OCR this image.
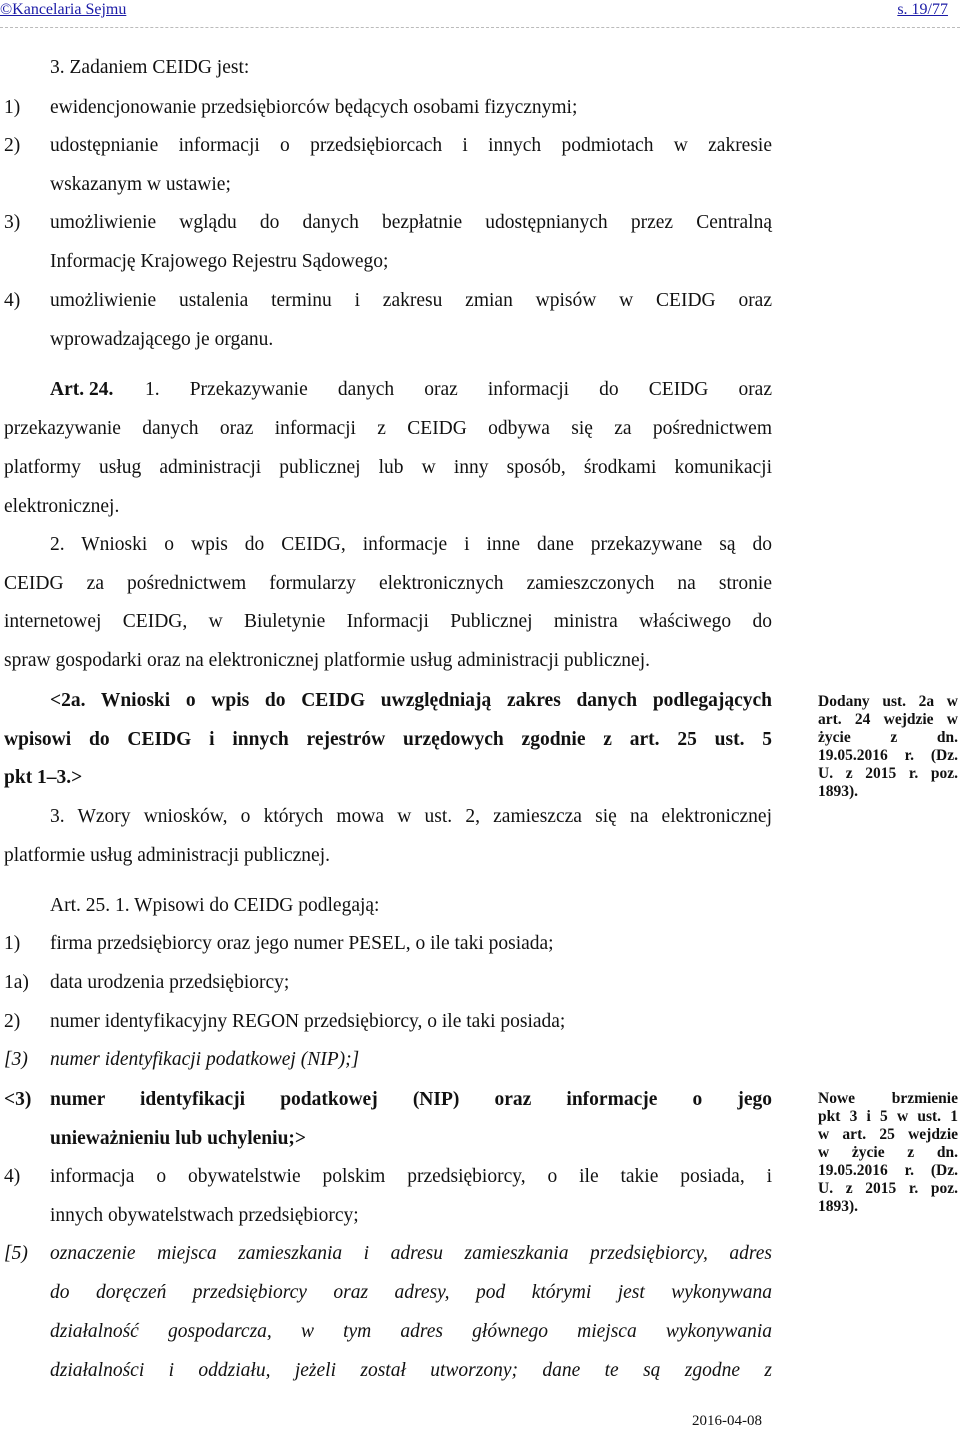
©Kancelaria Sejmu	s. 19/77
3. Zadaniem CEIDG jest:
1) ewidencjonowanie przedsiębiorców będących osobami fizycznymi;
2) udostępnianie informacji o przedsiębiorcach i innych podmiotach w zakresie
wskazanym w ustawie;
3) umożliwienie wglądu do danych bezpłatnie udostępnianych przez Centralną
Informację Krajowego Rejestru Sądowego;
4) umożliwienie ustalenia terminu i zakresu zmian wpisów w CEIDG oraz
wprowadzającego je organu.
Art. 24. 1. Przekazywanie danych oraz informacji do CEIDG oraz
przekazywanie danych oraz informacji z CEIDG odbywa się za pośrednictwem
platformy usług administracji publicznej lub w inny sposób, środkami komunikacji
elektronicznej.
2. Wnioski o wpis do CEIDG, informacje i inne dane przekazywane są do
CEIDG za pośrednictwem formularzy elektronicznych zamieszczonych na stronie
internetowej CEIDG, w Biuletynie Informacji Publicznej ministra właściwego do
spraw gospodarki oraz na elektronicznej platformie usług administracji publicznej.
<2a. Wnioski o wpis do CEIDG uwzględniają zakres danych podlegających
wpisowi do CEIDG i innych rejestrów urzędowych zgodnie z art. 25 ust. 5
pkt 1–3.>
3. Wzory wniosków, o których mowa w ust. 2, zamieszcza się na elektronicznej
platformie usług administracji publicznej.
Dodany ust. 2a w
art. 24 wejdzie w
życie z dn.
19.05.2016 r. (Dz.
U. z 2015 r. poz.
1893).
Art. 25. 1. Wpisowi do CEIDG podlegają:
1) firma przedsiębiorcy oraz jego numer PESEL, o ile taki posiada;
1a) data urodzenia przedsiębiorcy;
2) numer identyfikacyjny REGON przedsiębiorcy, o ile taki posiada;
[3) numer identyfikacji podatkowej (NIP);]
<3) numer identyfikacji podatkowej (NIP) oraz informacje o jego
unieważnieniu lub uchyleniu;>
4) informacja o obywatelstwie polskim przedsiębiorcy, o ile takie posiada, i
innych obywatelstwach przedsiębiorcy;
[5) oznaczenie miejsca zamieszkania i adresu zamieszkania przedsiębiorcy, adres
do doręczeń przedsiębiorcy oraz adresy, pod którymi jest wykonywana
działalność gospodarcza, w tym adres głównego miejsca wykonywania
działalności i oddziału, jeżeli został utworzony; dane te są zgodne z
Nowe brzmienie
pkt 3 i 5 w ust. 1
w art. 25 wejdzie
w życie z dn.
19.05.2016 r. (Dz.
U. z 2015 r. poz.
1893).
2016-04-08
